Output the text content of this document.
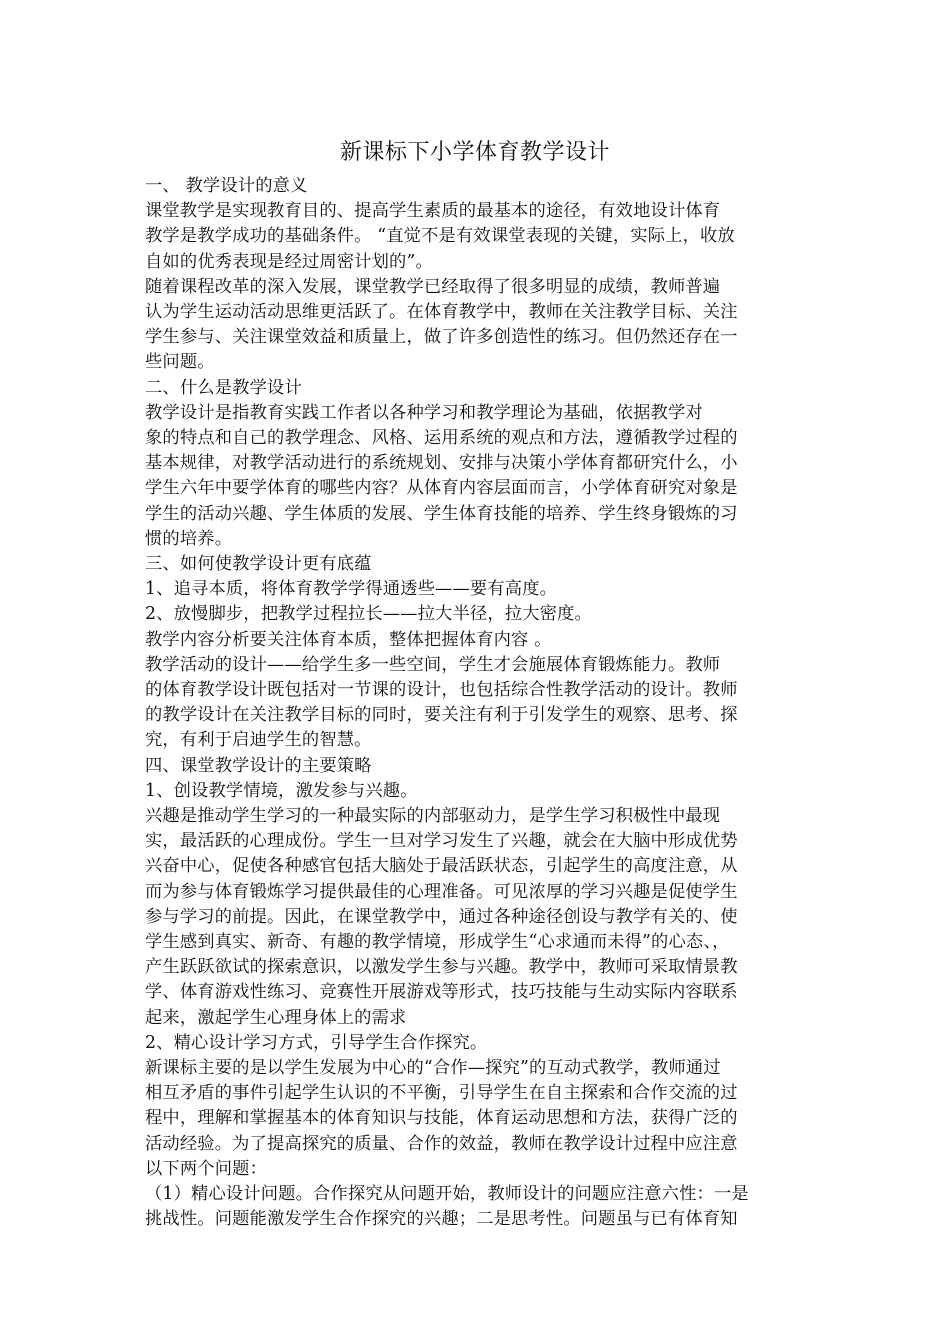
新课标下小学体育教学设计
一、 教学设计的意义
课堂教学是实现教育目的、提高学生素质的最基本的途径，有效地设计体育
教学是教学成功的基础条件。 “直觉不是有效课堂表现的关键，实际上，收放
自如的优秀表现是经过周密计划的”。
随着课程改革的深入发展，课堂教学已经取得了很多明显的成绩，教师普遍
认为学生运动活动思维更活跃了。在体育教学中，教师在关注教学目标、关注
学生参与、关注课堂效益和质量上，做了许多创造性的练习。但仍然还存在一
些问题。
二、什么是教学设计
教学设计是指教育实践工作者以各种学习和教学理论为基础，依据教学对
象的特点和自己的教学理念、风格、运用系统的观点和方法，遵循教学过程的
基本规律，对教学活动进行的系统规划、安排与决策小学体育都研究什么，小
学生六年中要学体育的哪些内容？从体育内容层面而言，小学体育研究对象是
学生的活动兴趣、学生体质的发展、学生体育技能的培养、学生终身锻炼的习
惯的培养。
三、如何使教学设计更有底蕴
1、追寻本质，将体育教学学得通透些——要有高度。
2、放慢脚步，把教学过程拉长——拉大半径，拉大密度。
教学内容分析要关注体育本质，整体把握体育内容 。
教学活动的设计——给学生多一些空间，学生才会施展体育锻炼能力。教师
的体育教学设计既包括对一节课的设计，也包括综合性教学活动的设计。教师
的教学设计在关注教学目标的同时，要关注有利于引发学生的观察、思考、探
究，有利于启迪学生的智慧。
四、课堂教学设计的主要策略
1、创设教学情境，激发参与兴趣。
兴趣是推动学生学习的一种最实际的内部驱动力，是学生学习积极性中最现
实，最活跃的心理成份。学生一旦对学习发生了兴趣，就会在大脑中形成优势
兴奋中心，促使各种感官包括大脑处于最活跃状态，引起学生的高度注意，从
而为参与体育锻炼学习提供最佳的心理准备。可见浓厚的学习兴趣是促使学生
参与学习的前提。因此，在课堂教学中，通过各种途径创设与教学有关的、使
学生感到真实、新奇、有趣的教学情境，形成学生“心求通而未得”的心态、，
产生跃跃欲试的探索意识，以激发学生参与兴趣。教学中，教师可采取情景教
学、体育游戏性练习、竞赛性开展游戏等形式，技巧技能与生动实际内容联系
起来，激起学生心理身体上的需求
2、精心设计学习方式，引导学生合作探究。
新课标主要的是以学生发展为中心的“合作—探究”的互动式教学，教师通过
相互矛盾的事件引起学生认识的不平衡，引导学生在自主探索和合作交流的过
程中，理解和掌握基本的体育知识与技能，体育运动思想和方法，获得广泛的
活动经验。为了提高探究的质量、合作的效益，教师在教学设计过程中应注意
以下两个问题：
（1）精心设计问题。合作探究从问题开始，教师设计的问题应注意六性：一是
挑战性。问题能激发学生合作探究的兴趣；二是思考性。问题虽与已有体育知
